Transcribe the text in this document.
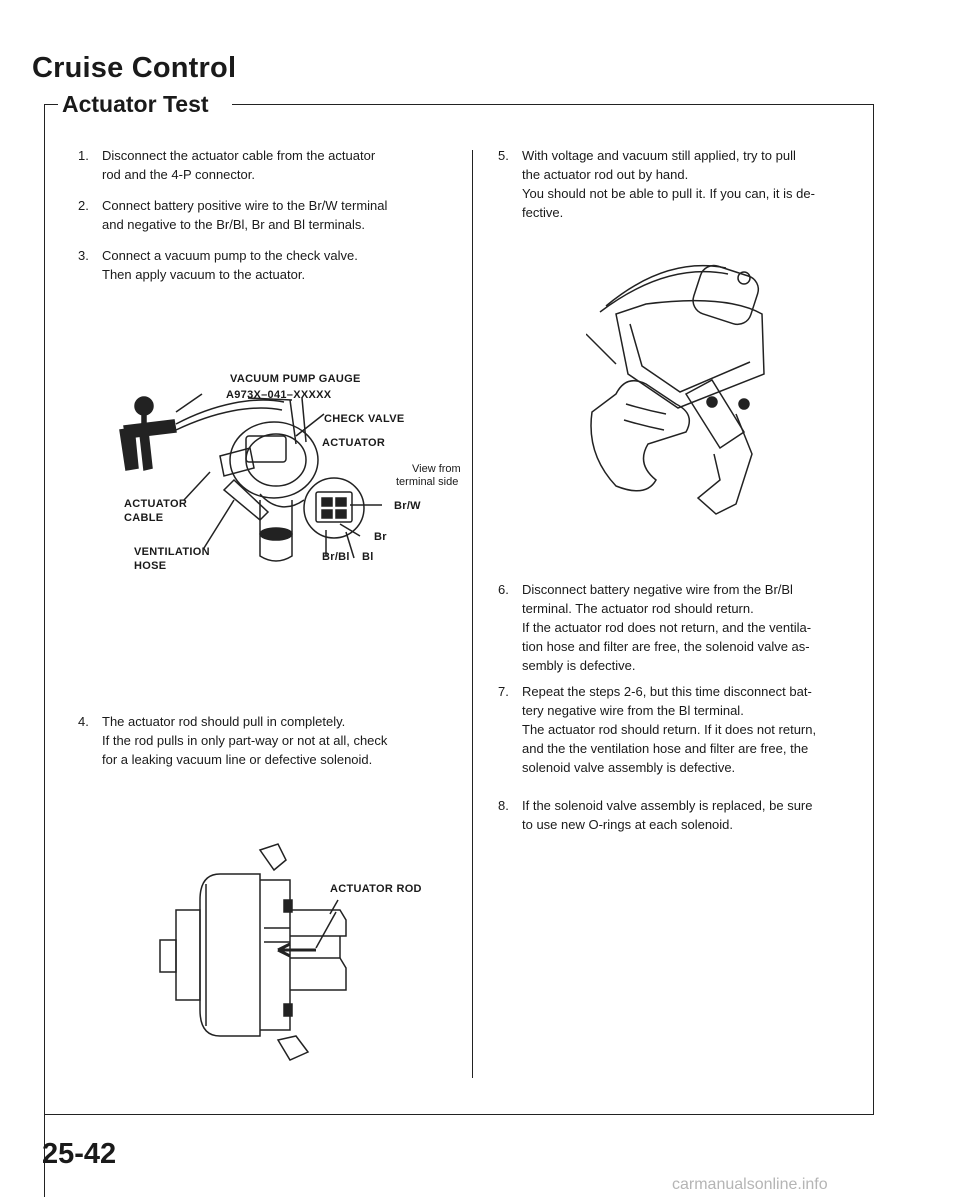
Cruise Control
Actuator Test
1. Disconnect the actuator cable from the actuator
rod and the 4-P connector.
2. Connect battery positive wire to the Br/W terminal
and negative to the Br/Bl, Br and Bl terminals.
3. Connect a vacuum pump to the check valve.
Then apply vacuum to the actuator.
VACUUM PUMP GAUGE
A973X–041–XXXXX
CHECK VALVE
ACTUATOR
View from
terminal side
Br/W
Br
Br/Bl Bl
ACTUATOR
CABLE
VENTILATION
HOSE
4. The actuator rod should pull in completely.
If the rod pulls in only part-way or not at all, check
for a leaking vacuum line or defective solenoid.
ACTUATOR ROD
5. With voltage and vacuum still applied, try to pull
the actuator rod out by hand.
You should not be able to pull it. If you can, it is de-
fective.
6. Disconnect battery negative wire from the Br/Bl
terminal. The actuator rod should return.
If the actuator rod does not return, and the ventila-
tion hose and filter are free, the solenoid valve as-
sembly is defective.
7. Repeat the steps 2-6, but this time disconnect bat-
tery negative wire from the Bl terminal.
The actuator rod should return. If it does not return,
and the the ventilation hose and filter are free, the
solenoid valve assembly is defective.
8. If the solenoid valve assembly is replaced, be sure
to use new O-rings at each solenoid.
25-42
carmanualsonline.info
